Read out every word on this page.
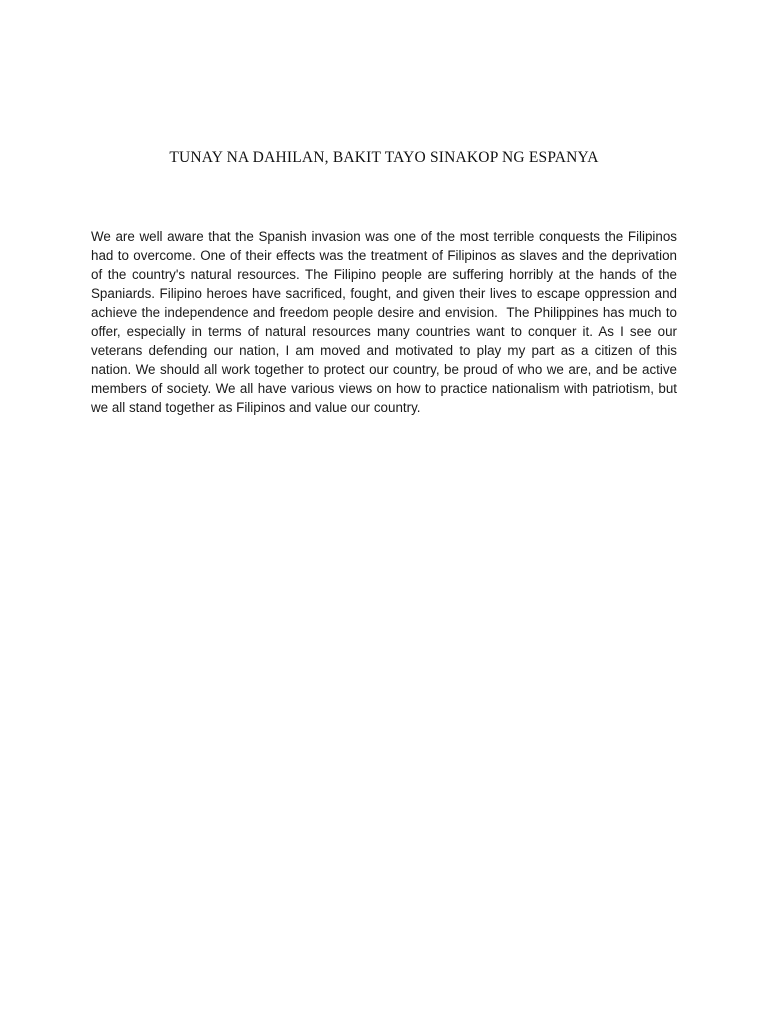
TUNAY NA DAHILAN, BAKIT TAYO SINAKOP NG ESPANYA

We are well aware that the Spanish invasion was one of the most terrible conquests the Filipinos had to overcome. One of their effects was the treatment of Filipinos as slaves and the deprivation of the country's natural resources. The Filipino people are suffering horribly at the hands of the Spaniards. Filipino heroes have sacrificed, fought, and given their lives to escape oppression and achieve the independence and freedom people desire and envision.  The Philippines has much to offer, especially in terms of natural resources many countries want to conquer it. As I see our veterans defending our nation, I am moved and motivated to play my part as a citizen of this nation. We should all work together to protect our country, be proud of who we are, and be active members of society. We all have various views on how to practice nationalism with patriotism, but we all stand together as Filipinos and value our country.
